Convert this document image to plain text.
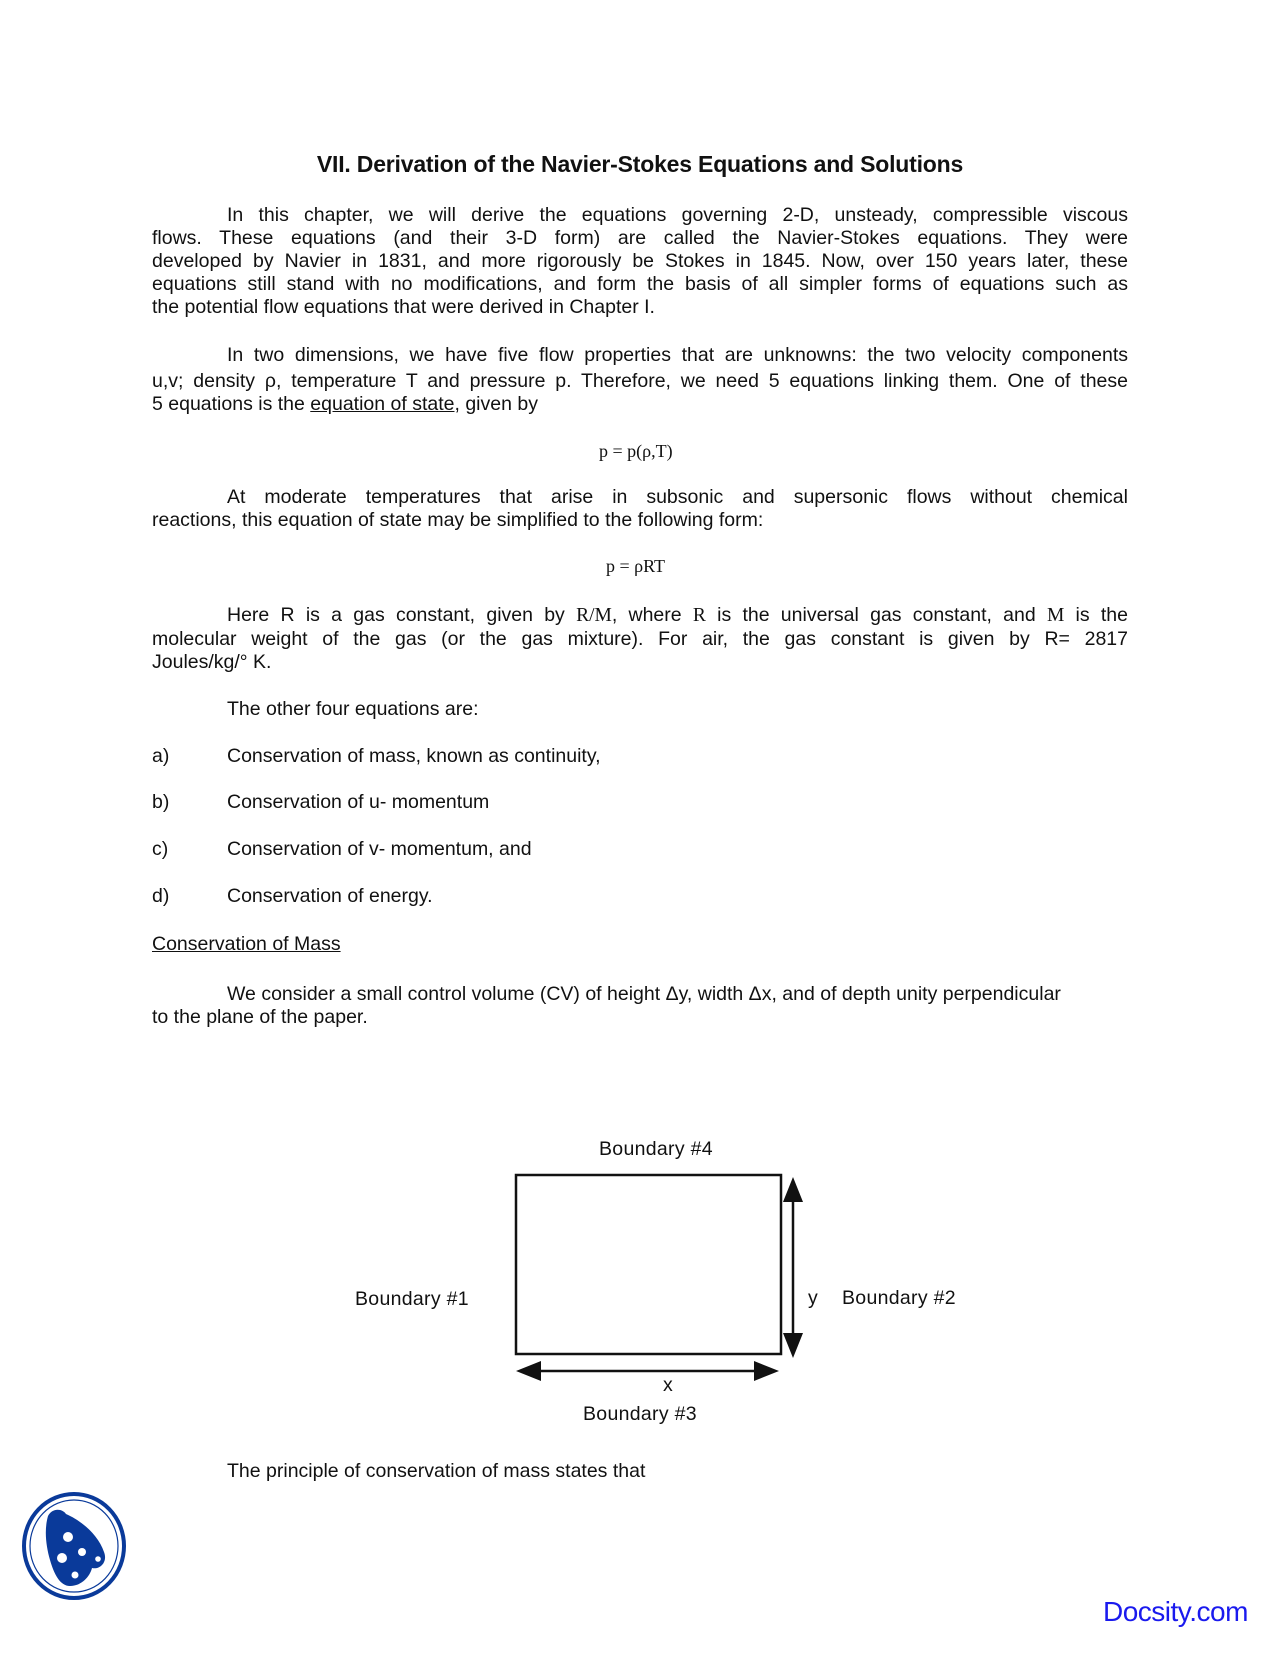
VII. Derivation of the Navier-Stokes Equations and Solutions
In this chapter, we will derive the equations governing 2-D, unsteady, compressible viscous
flows. These equations (and their 3-D form) are called the Navier-Stokes equations. They were
developed by Navier in 1831, and more rigorously be Stokes in 1845. Now, over 150 years later, these
equations still stand with no modifications, and form the basis of all simpler forms of equations such as
the potential flow equations that were derived in Chapter I.
In two dimensions, we have five flow properties that are unknowns: the two velocity components
u,v; density ρ, temperature T and pressure p. Therefore, we need 5 equations linking them. One of these
5 equations is the equation of state, given by
p = p(ρ,T)
At moderate temperatures that arise in subsonic and supersonic flows without chemical
reactions, this equation of state may be simplified to the following form:
p = ρRT
Here R is a gas constant, given by R/M, where R is the universal gas constant, and M is the
molecular weight of the gas (or the gas mixture). For air, the gas constant is given by R= 2817
Joules/kg/° K.
The other four equations are:
a)	Conservation of mass, known as continuity,
b)	Conservation of u- momentum
c)	Conservation of v- momentum, and
d)	Conservation of energy.
Conservation of Mass
We consider a small control volume (CV) of height Δy, width Δx, and of depth unity perpendicular
to the plane of the paper.
Boundary #4
Boundary #1	y Boundary #2
x
Boundary #3
The principle of conservation of mass states that
Docsity.com
